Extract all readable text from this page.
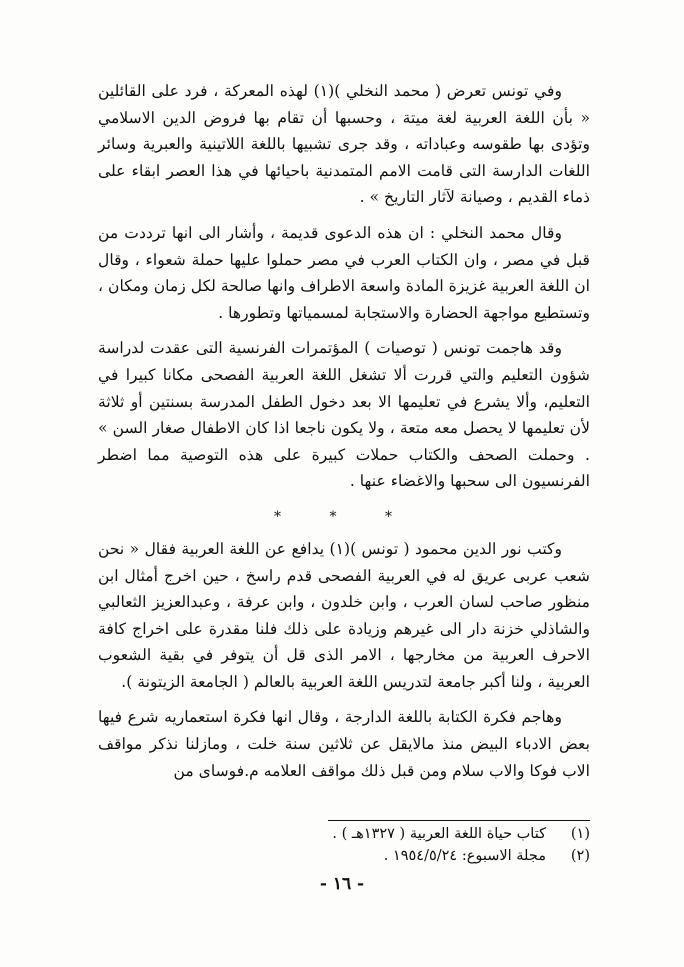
وفي تونس تعرض ( محمد النخلي )(١) لهذه المعركة ، فرد على القائلين « بأن اللغة العربية لغة ميتة ، وحسبها أن تقام بها فروض الدين الاسلامي وتؤدى بها طقوسه وعباداته ، وقد جرى تشبيها باللغة اللاتينية والعبرية وسائر اللغات الدارسة التى قامت الامم المتمدنية باحيائها في هذا العصر ابقاء على ذماء القديم ، وصيانة لآثار التاريخ » .

وقال محمد النخلي : ان هذه الدعوى قديمة ، وأشار الى انها ترددت من قبل في مصر ، وان الكتاب العرب في مصر حملوا عليها حملة شعواء ، وقال ان اللغة العربية غزيزة المادة واسعة الاطراف وانها صالحة لكل زمان ومكان ، وتستطيع مواجهة الحضارة والاستجابة لمسمياتها وتطورها .

وقد هاجمت تونس ( توصيات ) المؤتمرات الفرنسية التى عقدت لدراسة شؤون التعليم والتي قررت ألا تشغل اللغة العربية الفصحى مكانا كبيرا في التعليم، وألا يشرع في تعليمها الا بعد دخول الطفل المدرسة بسنتين أو ثلاثة لأن تعليمها لا يحصل معه متعة ، ولا يكون ناجعا اذا كان الاطفال صغار السن » . وحملت الصحف والكتاب حملات كبيرة على هذه التوصية مما اضطر الفرنسيون الى سحبها والاغضاء عنها .

* * *

وكتب نور الدين محمود ( تونس )(١) يدافع عن اللغة العربية فقال « نحن شعب عربى عريق له في العربية الفصحى قدم راسخ ، حين اخرج أمثال ابن منظور صاحب لسان العرب ، وابن خلدون ، وابن عرفة ، وعبدالعزيز الثعالبي والشاذلي خزنة دار الى غيرهم وزيادة على ذلك فلنا مقدرة على اخراج كافة الاحرف العربية من مخارجها ، الامر الذى قل أن يتوفر في بقية الشعوب العربية ، ولنا أكبر جامعة لتدريس اللغة العربية بالعالم ( الجامعة الزيتونة ).

وهاجم فكرة الكتابة باللغة الدارجة ، وقال انها فكرة استعماريه شرع فيها بعض الادباء البيض منذ مالايقل عن ثلاثين سنة خلت ، ومازلنا نذكر مواقف الاب فوكا والاب سلام ومن قبل ذلك مواقف العلامه م.فوساى من

(١)
كتاب حياة اللغة العربية ( ١٣٢٧هـ ) .
(٢)
مجلة الاسبوع: ١٩٥٤/٥/٢٤ .
- ١٦ -
